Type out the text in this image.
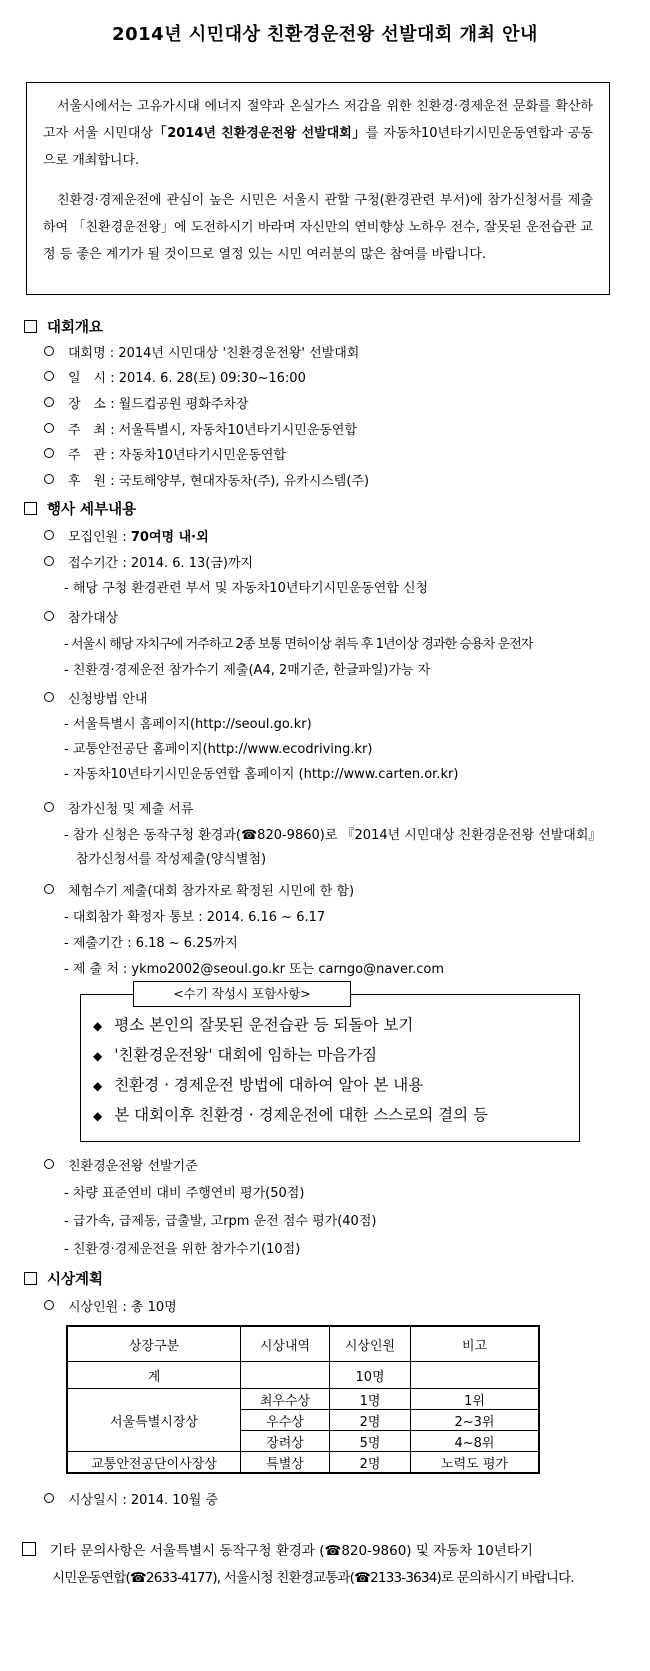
2014년 시민대상 친환경운전왕 선발대회 개최 안내

서울시에서는 고유가시대 에너지 절약과 온실가스 저감을 위한 친환경·경제운전 문화를 확산하고자 서울 시민대상「2014년 친환경운전왕 선발대회」를 자동차10년타기시민운동연합과 공동으로 개최합니다.

친환경·경제운전에 관심이 높은 시민은 서울시 관할 구청(환경관련 부서)에 참가신청서를 제출하여 「친환경운전왕」에 도전하시기 바라며 자신만의 연비향상 노하우 전수, 잘못된 운전습관 교정 등 좋은 계기가 될 것이므로 열정 있는 시민 여러분의 많은 참여를 바랍니다.

대회개요
대회명 : 2014년 시민대상 '친환경운전왕' 선발대회
일　시 : 2014. 6. 28(토) 09:30~16:00
장　소 : 월드컵공원 평화주차장
주　최 : 서울특별시, 자동차10년타기시민운동연합
주　관 : 자동차10년타기시민운동연합
후　원 : 국토해양부, 현대자동차(주), 유카시스템(주)
행사 세부내용
모집인원 : 70여명 내·외
접수기간 : 2014. 6. 13(금)까지
- 해당 구청 환경관련 부서 및 자동차10년타기시민운동연합 신청
참가대상
- 서울시 해당 자치구에 거주하고 2종 보통 면허이상 취득 후 1년이상 경과한 승용차 운전자
- 친환경·경제운전 참가수기 제출(A4, 2매기준, 한글파일)가능 자
신청방법 안내
- 서울특별시 홈페이지(http://seoul.go.kr)
- 교통안전공단 홈페이지(http://www.ecodriving.kr)
- 자동차10년타기시민운동연합 홈페이지 (http://www.carten.or.kr)
참가신청 및 제출 서류
- 참가 신청은 동작구청 환경과(☎820-9860)로 『2014년 시민대상 친환경운전왕 선발대회』
참가신청서를 작성제출(양식별첨)
체험수기 제출(대회 참가자로 확정된 시민에 한 함)
- 대회참가 확정자 통보 : 2014. 6.16 ~ 6.17
- 제출기간 : 6.18 ~ 6.25까지
- 제 출 처 : ykmo2002@seoul.go.kr 또는 carngo@naver.com
<수기 작성시 포함사항>
◆ 평소 본인의 잘못된 운전습관 등 되돌아 보기
◆ '친환경운전왕' 대회에 임하는 마음가짐
◆ 친환경 · 경제운전 방법에 대하여 알아 본 내용
◆ 본 대회이후 친환경 · 경제운전에 대한 스스로의 결의 등
친환경운전왕 선발기준
- 차량 표준연비 대비 주행연비 평가(50점)
- 급가속, 급제동, 급출발, 고rpm 운전 점수 평가(40점)
- 친환경·경제운전을 위한 참가수기(10점)
시상계획
시상인원 : 총 10명
상장구분	시상내역	시상인원	비고
계		10명	
서울특별시장상	최우수상	1명	1위
	우수상	2명	2~3위
	장려상	5명	4~8위
교통안전공단이사장상	특별상	2명	노력도 평가
시상일시 : 2014. 10월 중
기타 문의사항은 서울특별시 동작구청 환경과 (☎820-9860) 및 자동차 10년타기
시민운동연합(☎2633-4177), 서울시청 친환경교통과(☎2133-3634)로 문의하시기 바랍니다.
